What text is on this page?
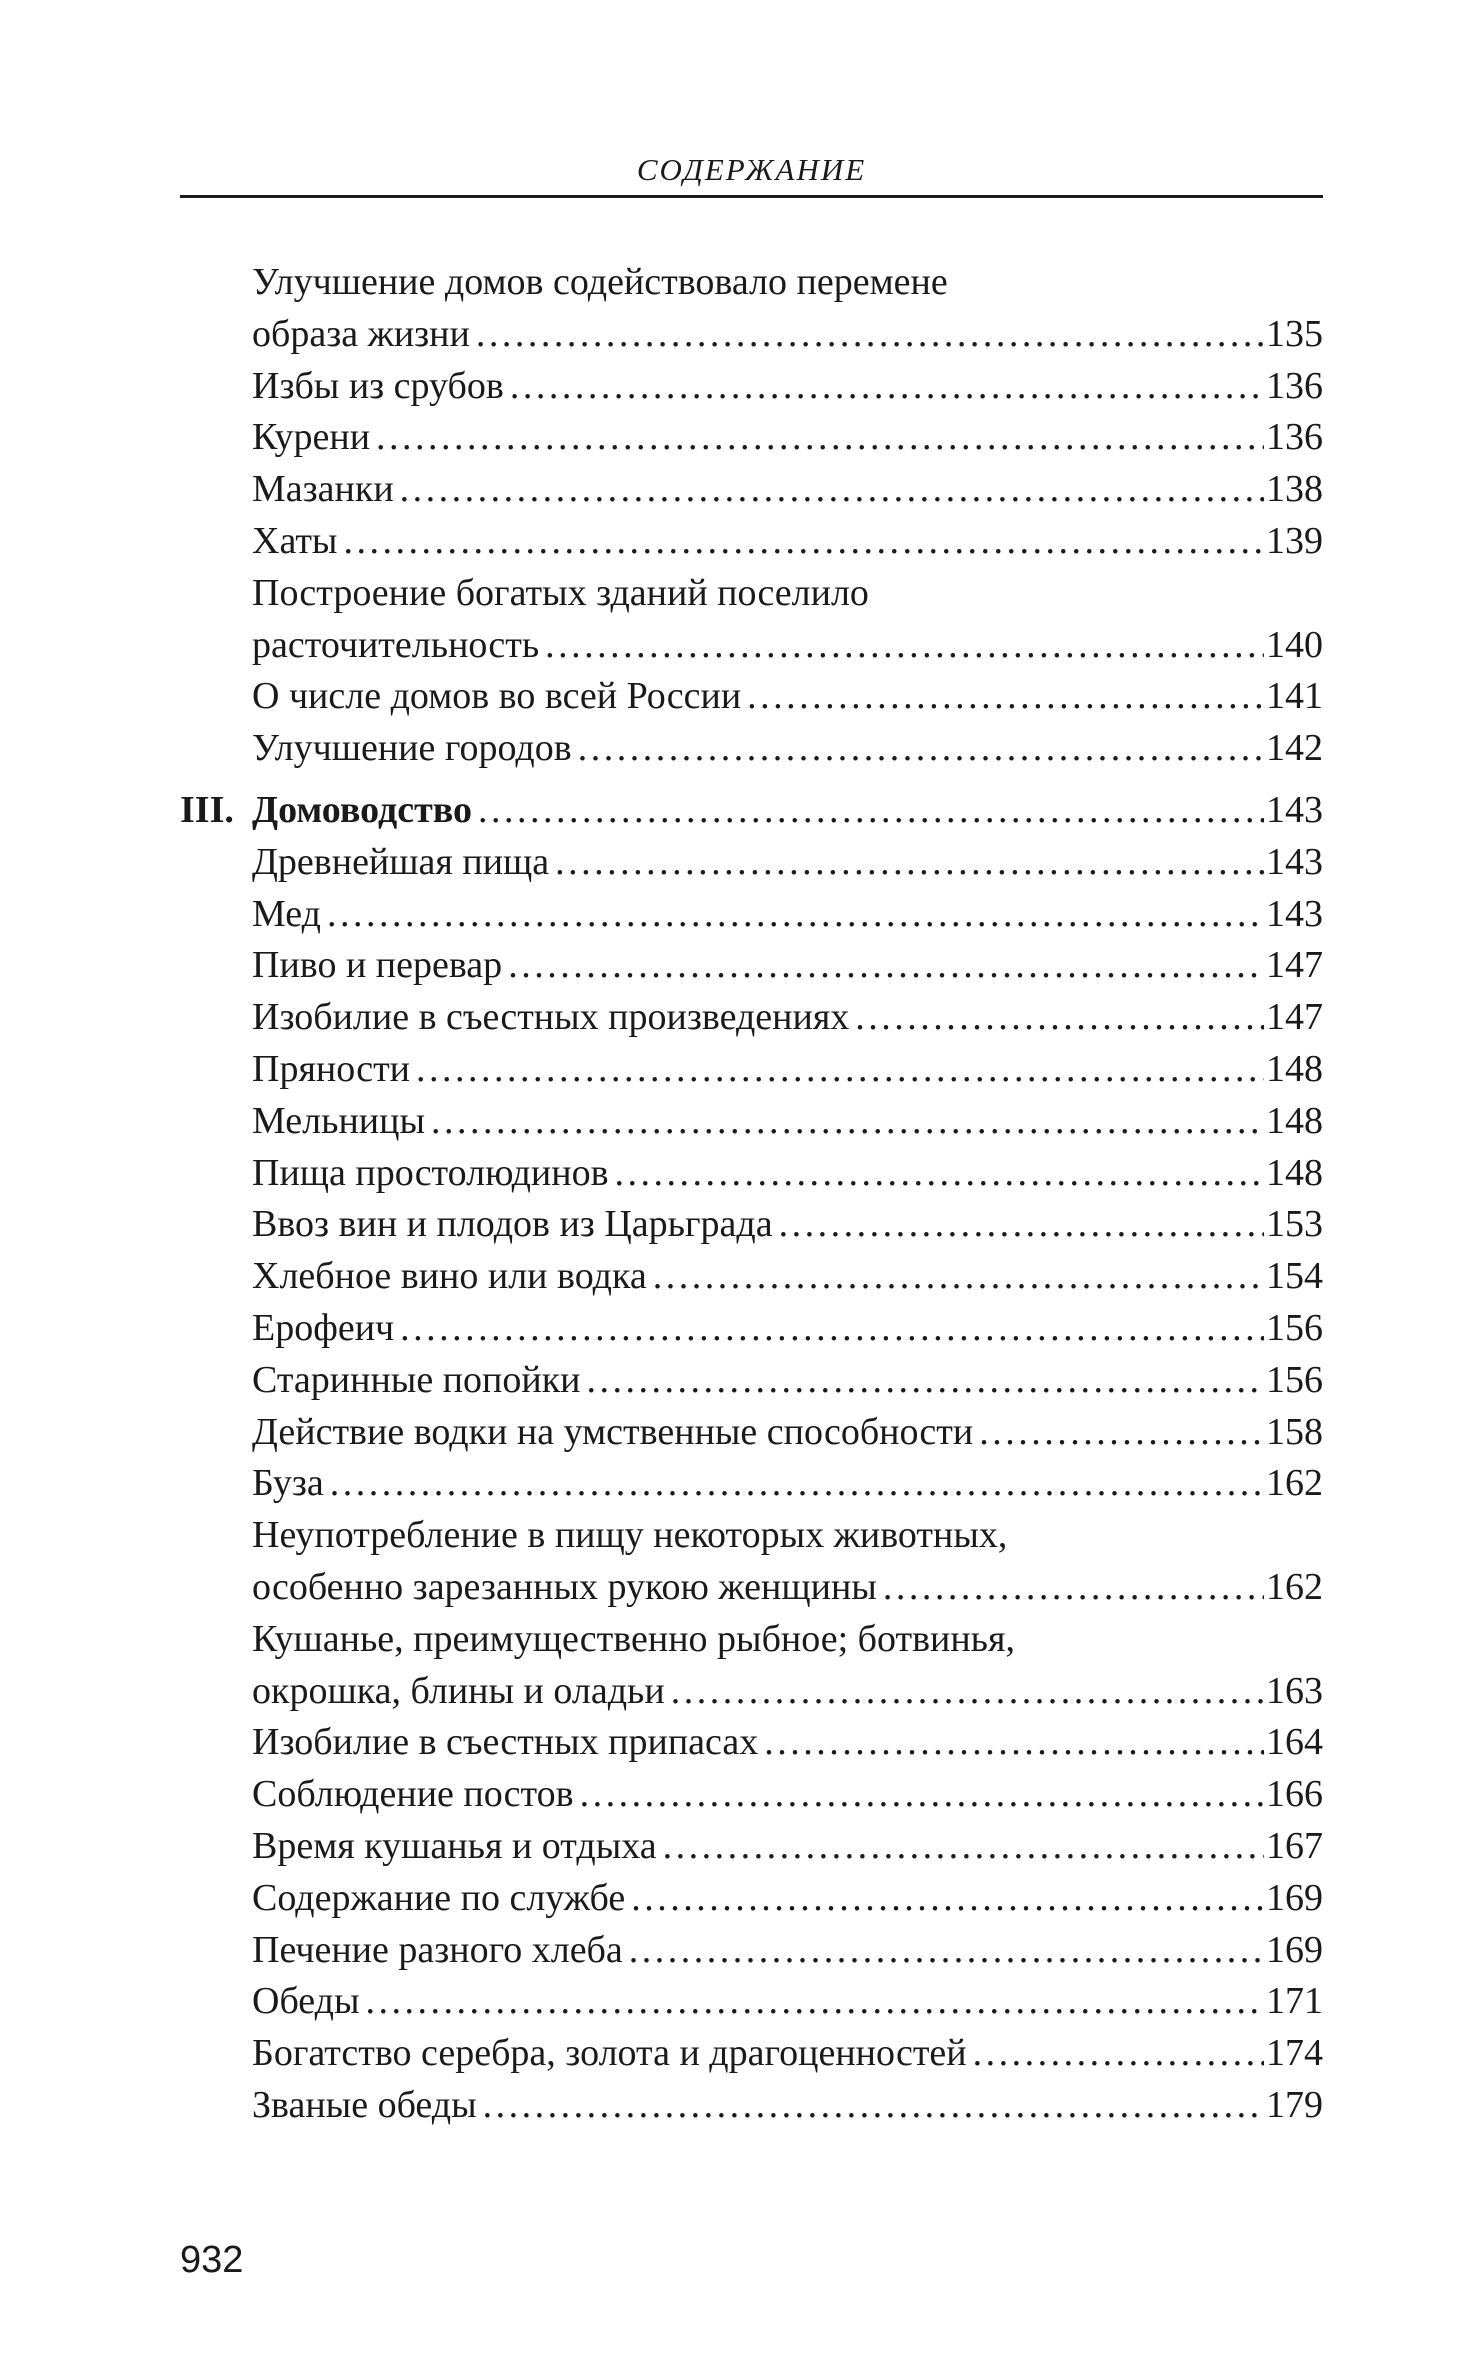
СОДЕРЖАНИЕ
Улучшение домов содействовало перемене
образа жизни . . .	135
Избы из срубов . . .	136
Курени . . .	136
Мазанки . . .	138
Хаты . . .	139
Построение богатых зданий поселило
расточительность . . .	140
О числе домов во всей России . . .	141
Улучшение городов . . .	142
III. Домоводство . . .	143
Древнейшая пища . . .	143
Мед . . .	143
Пиво и перевар . . .	147
Изобилие в съестных произведениях . . .	147
Пряности . . .	148
Мельницы . . .	148
Пища простолюдинов . . .	148
Ввоз вин и плодов из Царьграда . . .	153
Хлебное вино или водка . . .	154
Ерофеич . . .	156
Старинные попойки . . .	156
Действие водки на умственные способности . . .	158
Буза . . .	162
Неупотребление в пищу некоторых животных,
особенно зарезанных рукою женщины . . .	162
Кушанье, преимущественно рыбное; ботвинья,
окрошка, блины и оладьи . . .	163
Изобилие в съестных припасах . . .	164
Соблюдение постов . . .	166
Время кушанья и отдыха . . .	167
Содержание по службе . . .	169
Печение разного хлеба . . .	169
Обеды . . .	171
Богатство серебра, золота и драгоценностей . . .	174
Званые обеды . . .	179
932
